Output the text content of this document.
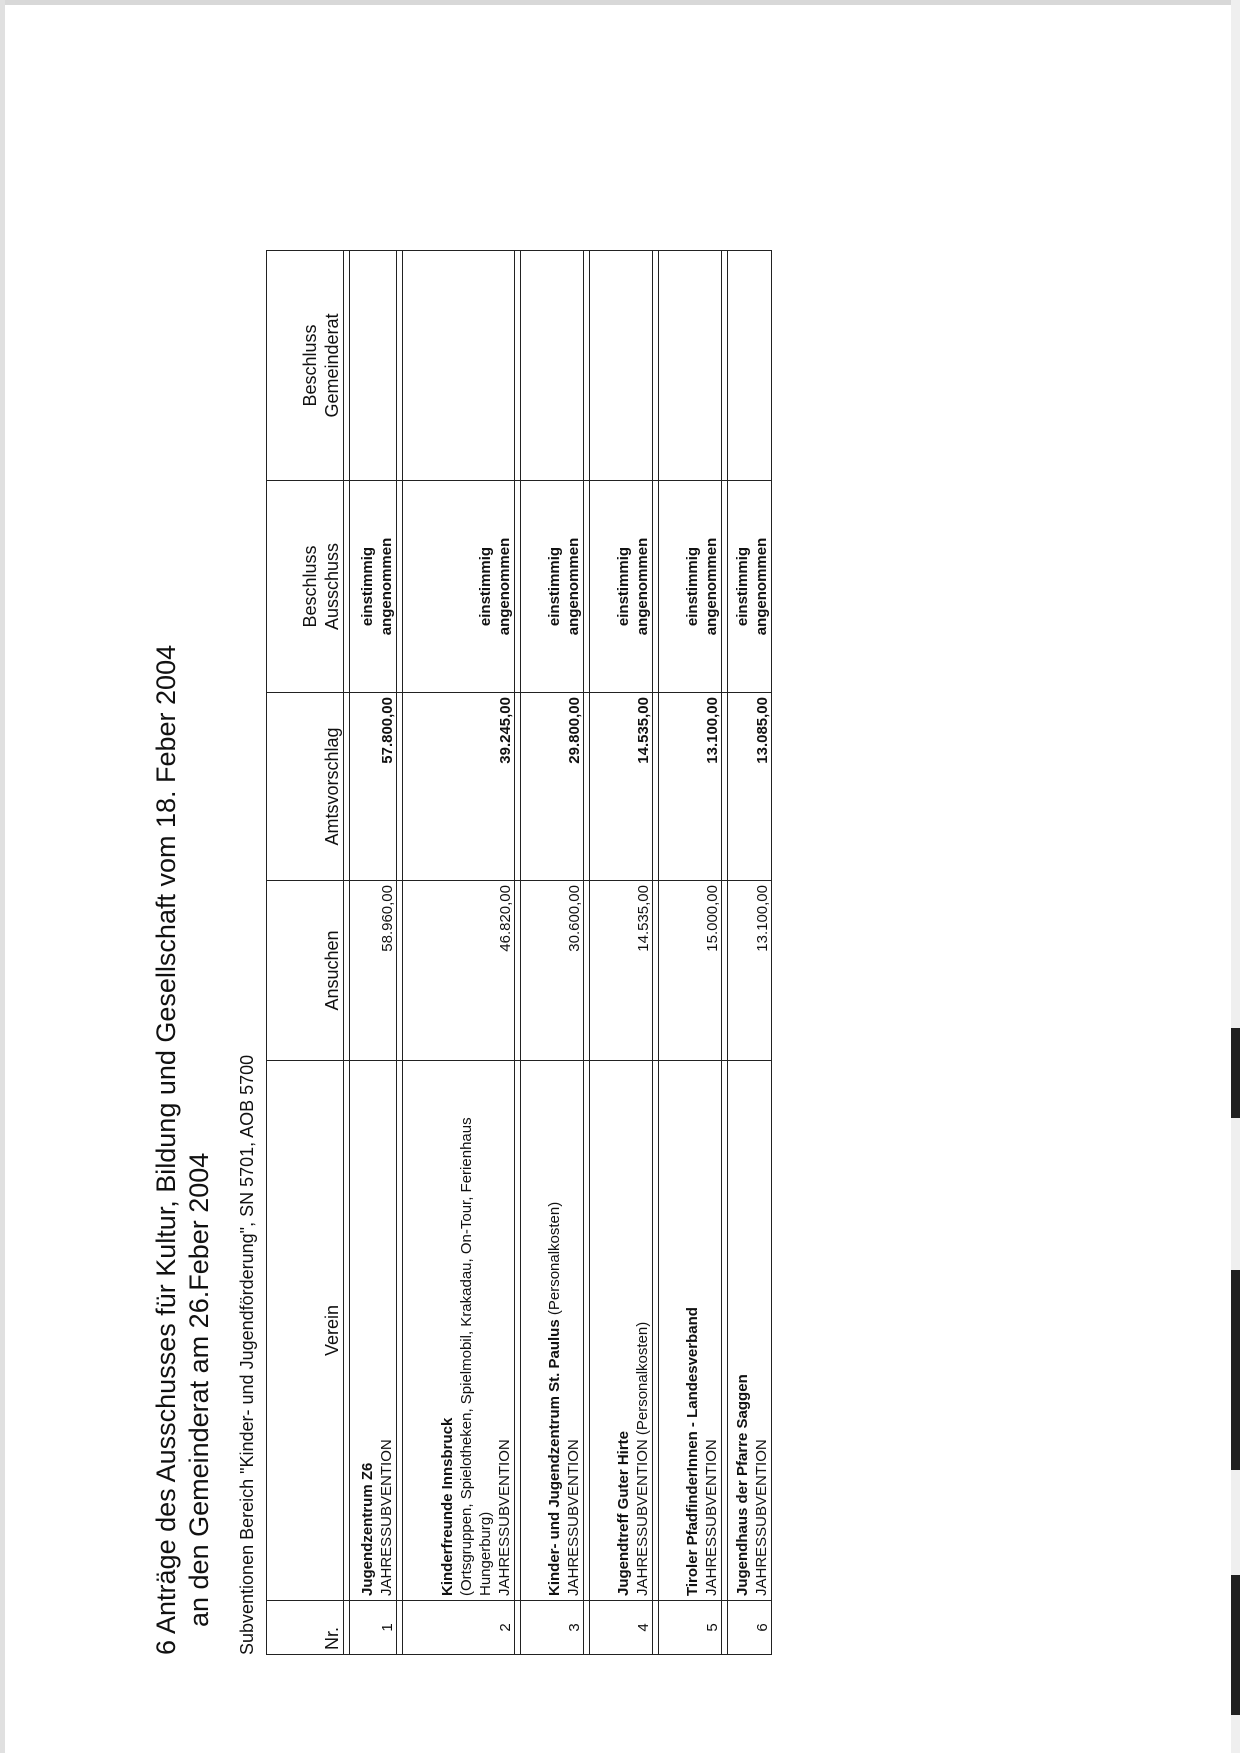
6 Anträge des Ausschusses für Kultur, Bildung und Gesellschaft vom 18. Feber 2004 an den Gemeinderat am 26.Feber 2004 Subventionen Bereich "Kinder- und Jugendförderung", SN 5701, AOB 5700	Nr.	Verein	Ansuchen	Amtsvorschlag	Beschluss Ausschuss	Beschluss Gemeinderat

1	Jugendzentrum Z6 JAHRESSUBVENTION	58.960,00	57.800,00	einstimmig angenommen	

2	Kinderfreunde Innsbruck (Ortsgruppen, Spielotheken, Spielmobil, Krakadau, On-Tour, Ferienhaus Hungerburg) JAHRESSUBVENTION	46.820,00	39.245,00	einstimmig angenommen	

3	Kinder- und Jugendzentrum St. Paulus (Personalkosten)
JAHRESSUBVENTION	30.600,00	29.800,00	einstimmig angenommen	

4	Jugendtreff Guter Hirte JAHRESSUBVENTION (Personalkosten)	14.535,00	14.535,00	einstimmig angenommen	

5	Tiroler PfadfinderInnen - Landesverband JAHRESSUBVENTION	15.000,00	13.100,00	einstimmig angenommen	

6	Jugendhaus der Pfarre Saggen JAHRESSUBVENTION	13.100,00	13.085,00	einstimmig angenommen	
